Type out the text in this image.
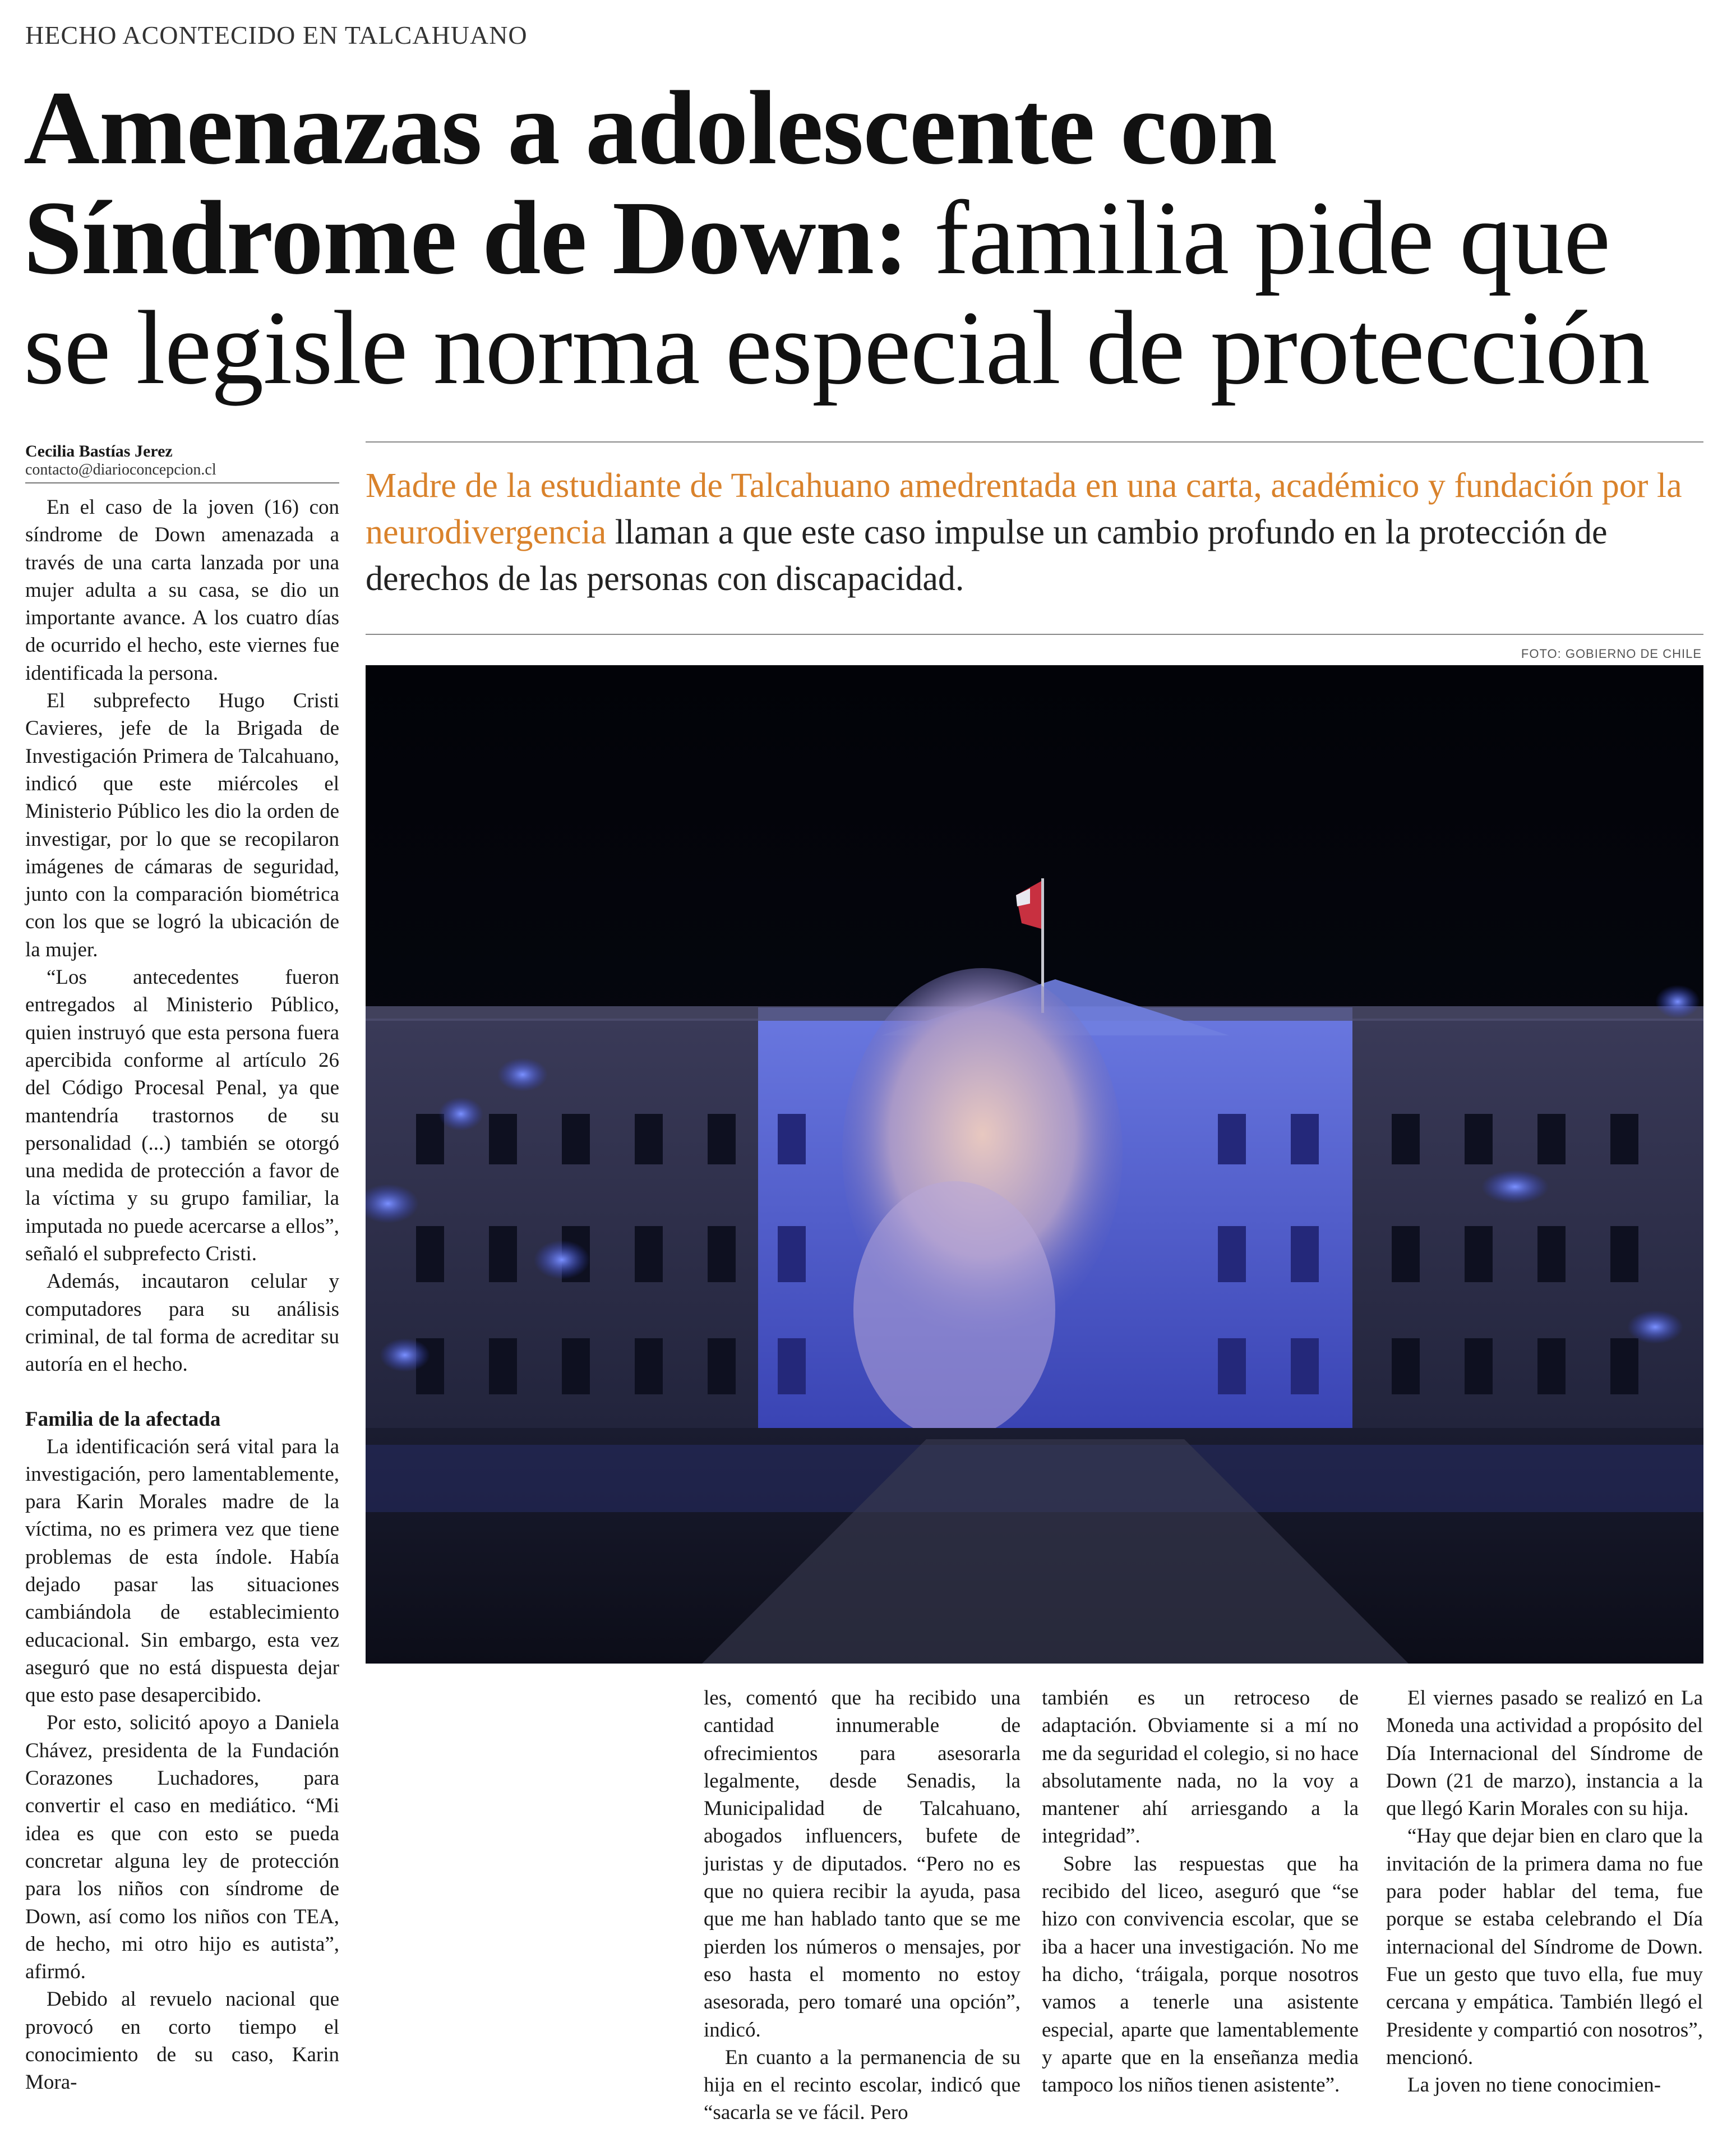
HECHO ACONTECIDO EN TALCAHUANO
Amenazas a adolescente con
Síndrome de Down: familia pide que
se legisle norma especial de protección
Cecilia Bastías Jerez
contacto@diarioconcepcion.cl	Madre de la estudiante de Talcahuano amedrentada en una carta, académico y fundación por la neurodivergencia llaman a que este caso impulse un cambio profundo en la protección de derechos de las personas con discapacidad.

FOTO: GOBIERNO DE CHILE

En el caso de la joven (16) con síndrome de Down amenazada a través de una carta lanzada por una mujer adulta a su casa, se dio un importante avance. A los cuatro días de ocurrido el hecho, este viernes fue identificada la persona.

El subprefecto Hugo Cristi Cavieres, jefe de la Brigada de Investigación Primera de Talcahuano, indicó que este miércoles el Ministerio Público les dio la orden de investigar, por lo que se recopilaron imágenes de cámaras de seguridad, junto con la comparación biométrica con los que se logró la ubicación de la mujer.

“Los antecedentes fueron entregados al Ministerio Público, quien instruyó que esta persona fuera apercibida conforme al artículo 26 del Código Procesal Penal, ya que mantendría trastornos de su personalidad (...) también se otorgó una medida de protección a favor de la víctima y su grupo familiar, la imputada no puede acercarse a ellos”, señaló el subprefecto Cristi.

Además, incautaron celular y computadores para su análisis criminal, de tal forma de acreditar su autoría en el hecho.

Familia de la afectada

La identificación será vital para la investigación, pero lamentablemente, para Karin Morales madre de la víctima, no es primera vez que tiene problemas de esta índole. Había dejado pasar las situaciones cambiándola de establecimiento educacional. Sin embargo, esta vez aseguró que no está dispuesta dejar que esto pase desapercibido.

Por esto, solicitó apoyo a Daniela Chávez, presidenta de la Fundación Corazones Luchadores, para convertir el caso en mediático. “Mi idea es que con esto se pueda concretar alguna ley de protección para los niños con síndrome de Down, así como los niños con TEA, de hecho, mi otro hijo es autista”, afirmó.

Debido al revuelo nacional que provocó en corto tiempo el conocimiento de su caso, Karin Mora-

les, comentó que ha recibido una cantidad innumerable de ofrecimientos para asesorarla legalmente, desde Senadis, la Municipalidad de Talcahuano, abogados influencers, bufete de juristas y de diputados. “Pero no es que no quiera recibir la ayuda, pasa que me han hablado tanto que se me pierden los números o mensajes, por eso hasta el momento no estoy asesorada, pero tomaré una opción”, indicó.

En cuanto a la permanencia de su hija en el recinto escolar, indicó que “sacarla se ve fácil. Pero

también es un retroceso de adaptación. Obviamente si a mí no me da seguridad el colegio, si no hace absolutamente nada, no la voy a mantener ahí arriesgando a la integridad”.

Sobre las respuestas que ha recibido del liceo, aseguró que “se hizo con convivencia escolar, que se iba a hacer una investigación. No me ha dicho, ‘tráigala, porque nosotros vamos a tenerle una asistente especial, aparte que lamentablemente y aparte que en la enseñanza media tampoco los niños tienen asistente”.

El viernes pasado se realizó en La Moneda una actividad a propósito del Día Internacional del Síndrome de Down (21 de marzo), instancia a la que llegó Karin Morales con su hija.

“Hay que dejar bien en claro que la invitación de la primera dama no fue para poder hablar del tema, fue porque se estaba celebrando el Día internacional del Síndrome de Down. Fue un gesto que tuvo ella, fue muy cercana y empática. También llegó el Presidente y compartió con nosotros”, mencionó.

La joven no tiene conocimien-
